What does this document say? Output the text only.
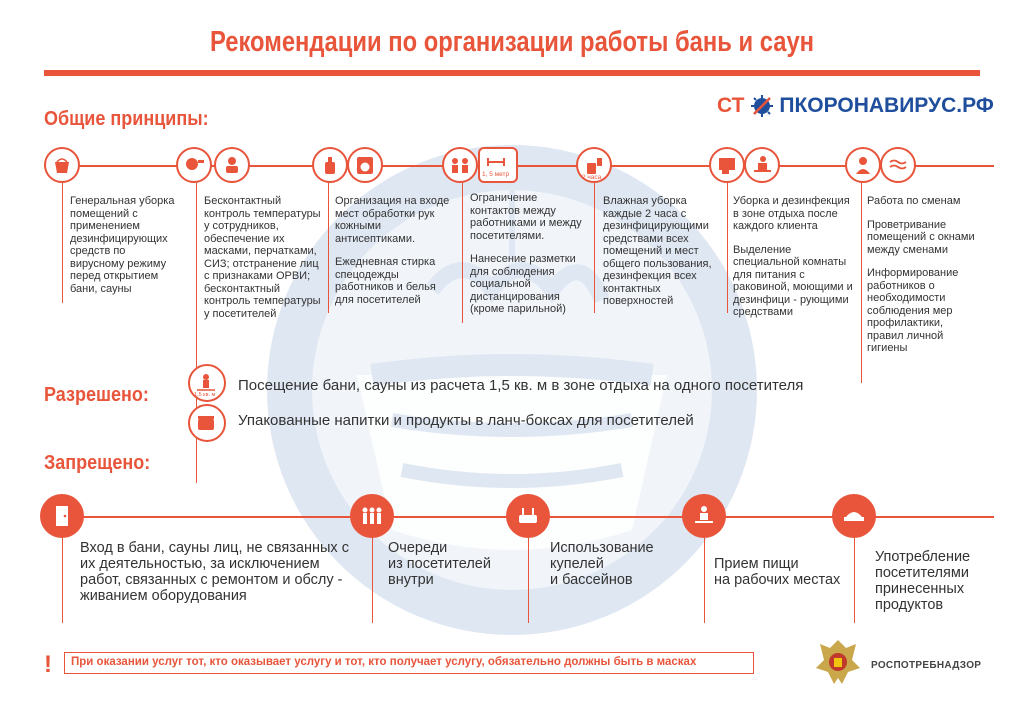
Рекомендации по организации работы бань и саун
Общие принципы:
СТ ПКОРОНАВИРУС.РФ

Генеральная уборка помещений с применением дезинфицирующих средств по вирусному режиму перед открытием бани, сауны

Бесконтактный контроль температуры у сотрудников, обеспечение их масками, перчатками, СИЗ; отстранение лиц с признаками ОРВИ; бесконтактный контроль температуры у посетителей

Организация на входе мест обработки рук кожными антисептиками.

Ежедневная стирка спецодежды работников и белья для посетителей

1, 5 метр

Ограничение контактов между работниками и между посетителями.

Нанесение разметки для соблюдения социальной дистанцирования (кроме парильной)

2 часа

Влажная уборка каждые 2 часа с дезинфицирующими средствами всех помещений и мест общего пользования, дезинфекция всех контактных поверхностей

Уборка и дезинфекция в зоне отдыха после каждого клиента

Выделение специальной комнаты для питания с раковиной, моющими и дезинфици - рующими средствами

Работа по сменам

Проветривание помещений с окнами между сменами

Информирование работников о необходимости соблюдения мер профилактики, правил личной гигиены

Разрешено:	1,5 кв. м
Посещение бани, сауны из расчета 1,5 кв. м в зоне отдыха на одного посетителя
Упакованные напитки и продукты в ланч-боксах для посетителей
Запрещено:
Вход в бани, сауны лиц, не связанных с
их деятельностью, за исключением
работ, связанных с ремонтом и обслу -
живанием оборудования
Очереди
из посетителей
внутри
Использование
купелей
и бассейнов
Прием пищи
на рабочих местах
Употребление
посетителями
принесенных
продуктов
!	При оказании услуг тот, кто оказывает услугу и тот, кто получает услугу, обязательно должны быть в масках	РОСПОТРЕБНАДЗОР
